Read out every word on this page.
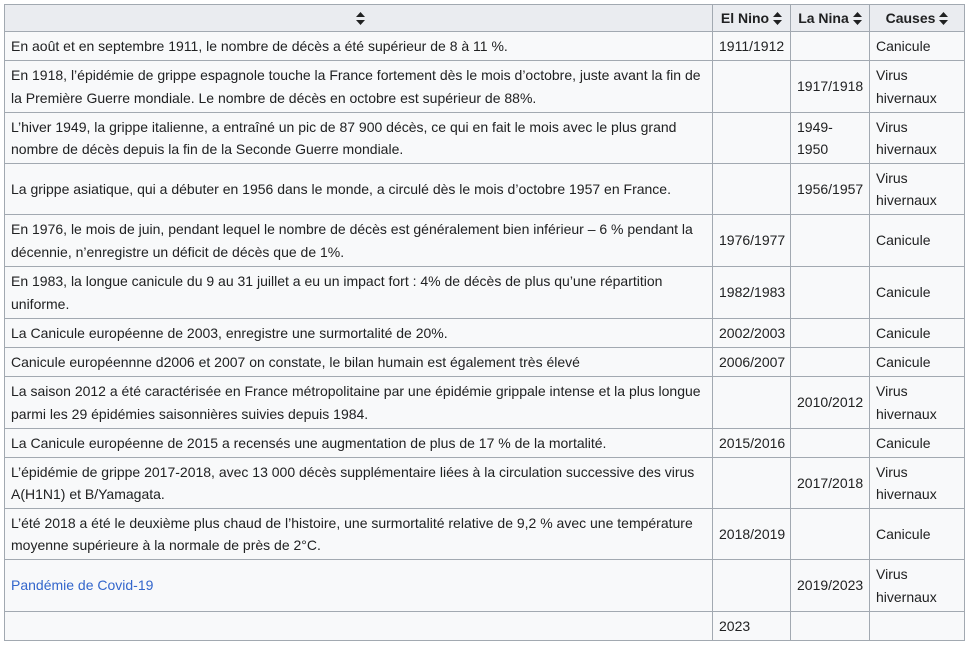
	El Nino	La Nina	Causes
En août et en septembre 1911, le nombre de décès a été supérieur de 8 à 11 %.	1911/1912		Canicule
En 1918, l’épidémie de grippe espagnole touche la France fortement dès le mois d’octobre, juste avant la fin de la Première Guerre mondiale. Le nombre de décès en octobre est supérieur de 88%.		1917/1918	Virus hivernaux
L’hiver 1949, la grippe italienne, a entraîné un pic de 87 900 décès, ce qui en fait le mois avec le plus grand nombre de décès depuis la fin de la Seconde Guerre mondiale.		1949-1950	Virus hivernaux
La grippe asiatique, qui a débuter en 1956 dans le monde, a circulé dès le mois d’octobre 1957 en France.		1956/1957	Virus hivernaux
En 1976, le mois de juin, pendant lequel le nombre de décès est généralement bien inférieur – 6 % pendant la décennie, n’enregistre un déficit de décès que de 1%.	1976/1977		Canicule
En 1983, la longue canicule du 9 au 31 juillet a eu un impact fort : 4% de décès de plus qu’une répartition uniforme.	1982/1983		Canicule
La Canicule européenne de 2003, enregistre une surmortalité de 20%.	2002/2003		Canicule
Canicule européennne d2006 et 2007 on constate, le bilan humain est également très élevé	2006/2007		Canicule
La saison 2012 a été caractérisée en France métropolitaine par une épidémie grippale intense et la plus longue parmi les 29 épidémies saisonnières suivies depuis 1984.		2010/2012	Virus hivernaux
La Canicule européenne de 2015 a recensés une augmentation de plus de 17 % de la mortalité.	2015/2016		Canicule
L’épidémie de grippe 2017-2018, avec 13 000 décès supplémentaire liées à la circulation successive des virus A(H1N1) et B/Yamagata.		2017/2018	Virus hivernaux
L’été 2018 a été le deuxième plus chaud de l’histoire, une surmortalité relative de 9,2 % avec une température moyenne supérieure à la normale de près de 2°C.	2018/2019		Canicule
Pandémie de Covid-19		2019/2023	Virus hivernaux
	2023		
